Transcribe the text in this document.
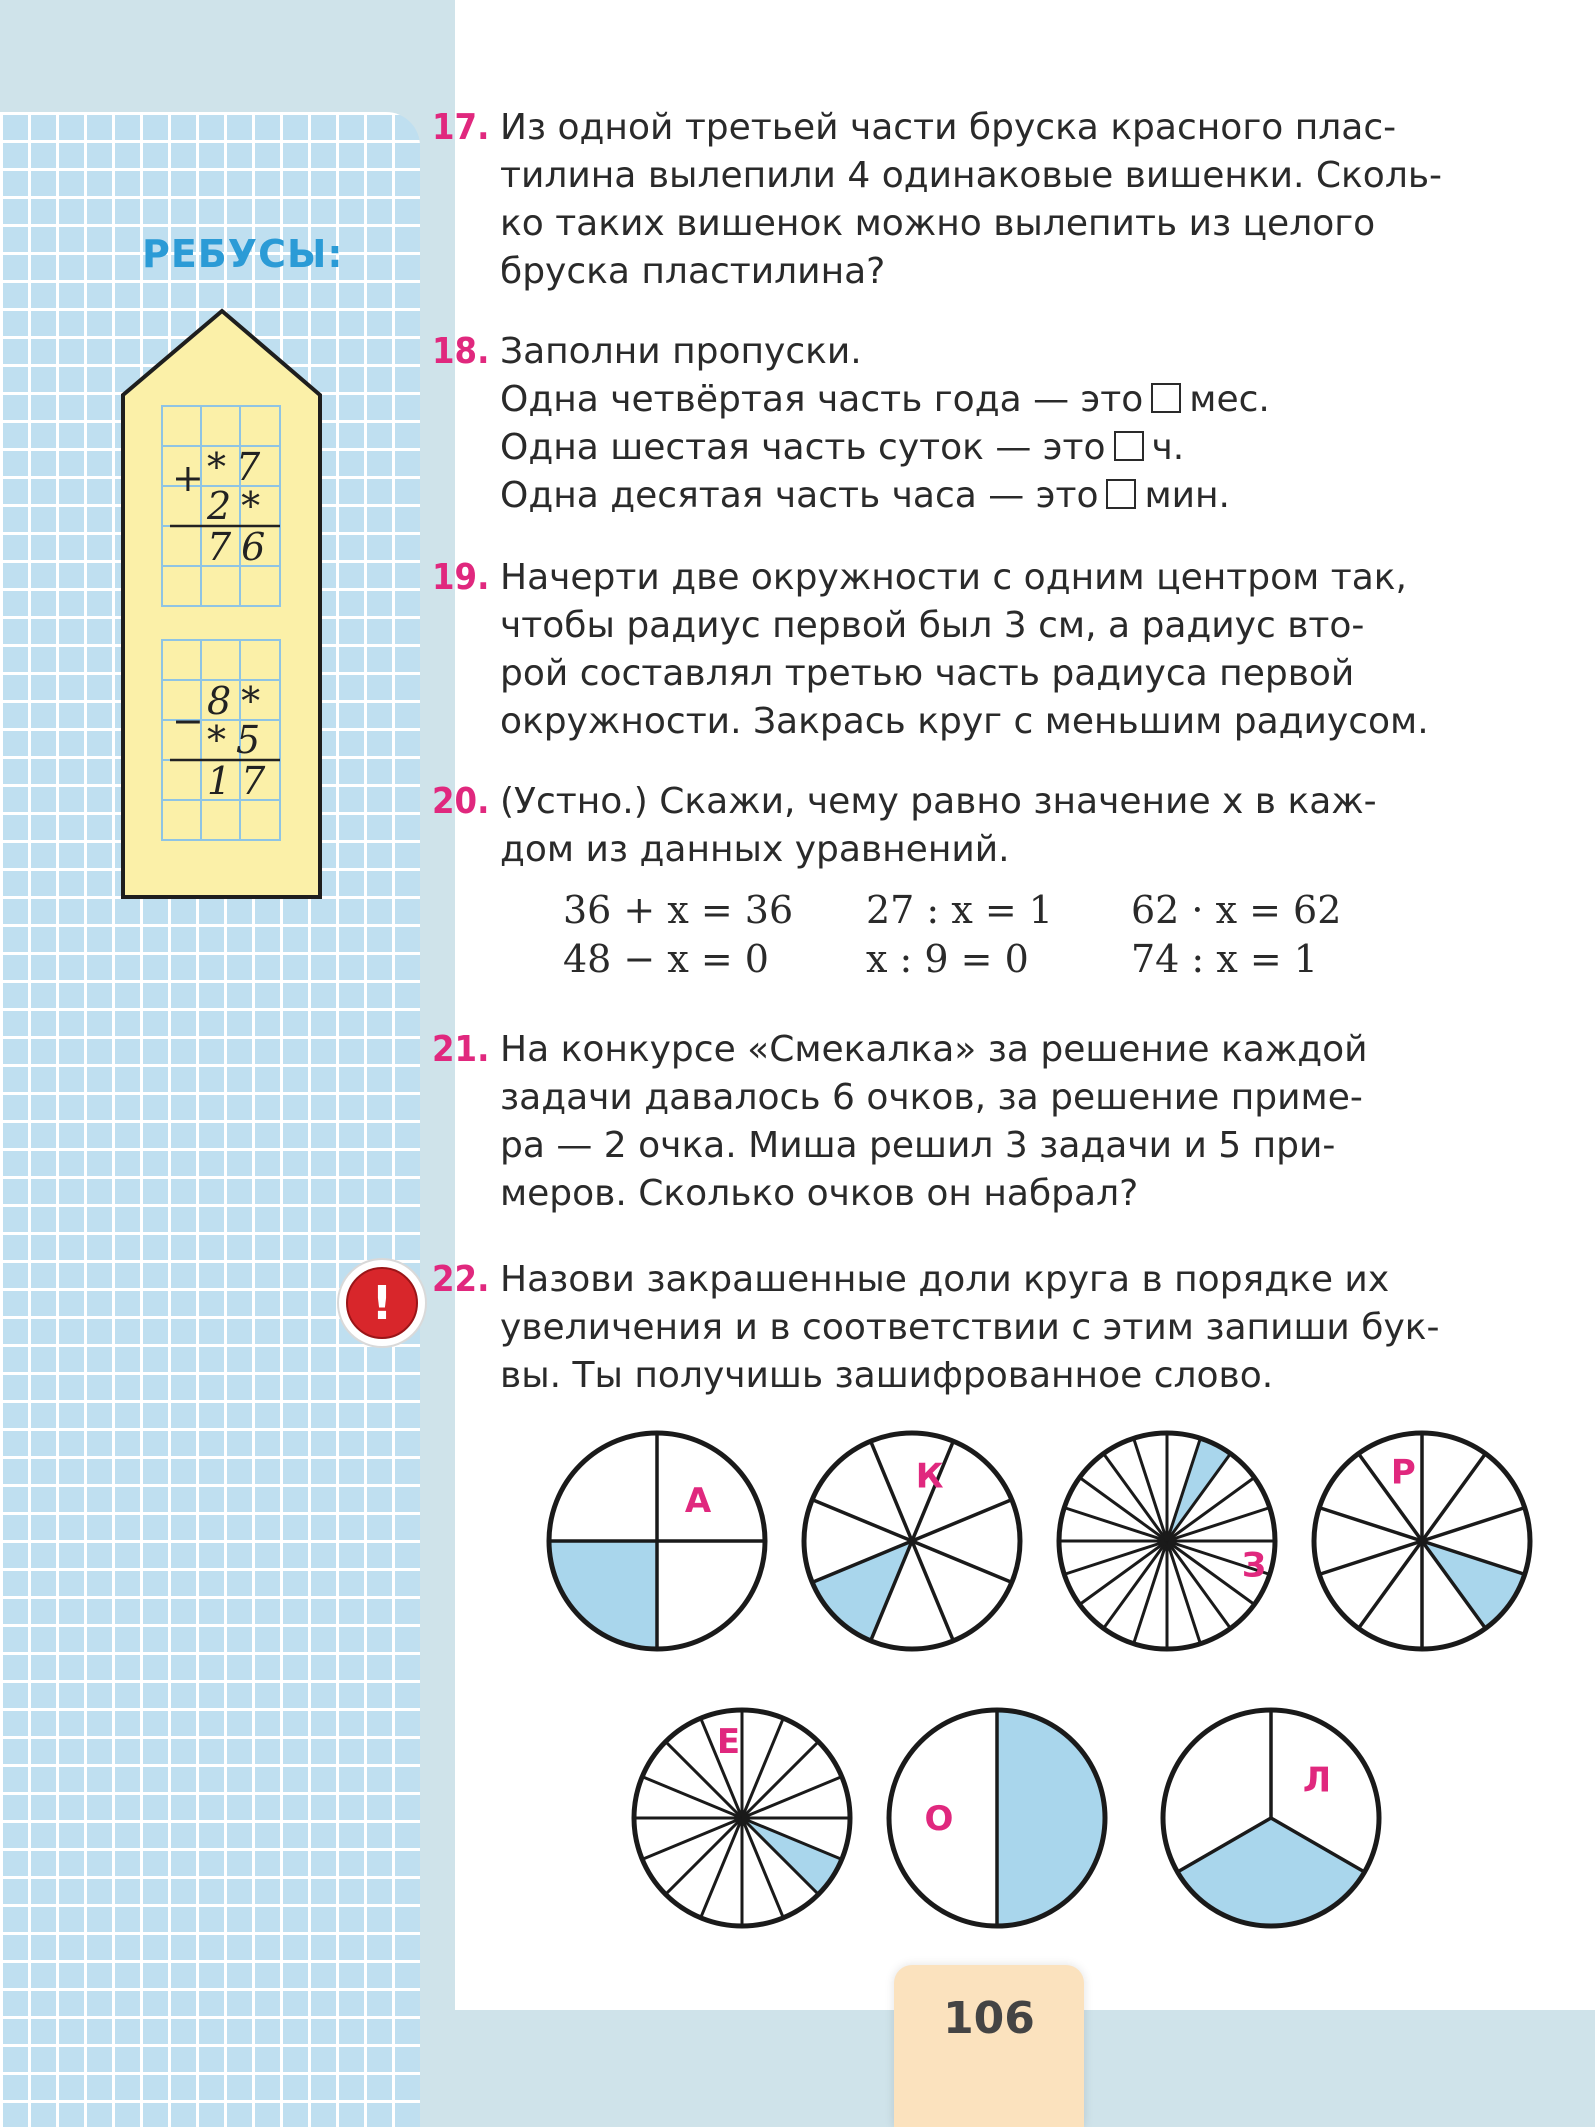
РЕБУСЫ:
+ *7
2*
76
− 8*
*5
17
17. Из одной третьей части бруска красного плас-
тилина вылепили 4 одинаковые вишенки. Сколь-
ко таких вишенок можно вылепить из целого
бруска пластилина?
18. Заполни пропуски.
Одна четвёртая часть года — это мес.
Одна шестая часть суток — это ч.
Одна десятая часть часа — это мин.
19. Начерти две окружности с одним центром так,
чтобы радиус первой был 3 см, а радиус вто-
рой составлял третью часть радиуса первой
окружности. Закрась круг с меньшим радиусом.
20. (Устно.) Скажи, чему равно значение x в каж-
дом из данных уравнений.
36 + x = 36 27 : x = 1 62 · x = 62
48 − x = 0	x : 9 = 0	74 : x = 1
21. На конкурсе «Смекалка» за решение каждой
задачи давалось 6 очков, за решение приме-
ра — 2 очка. Миша решил 3 задачи и 5 при-
меров. Сколько очков он набрал?
22. Назови закрашенные доли круга в порядке их
увеличения и в соответствии с этим запиши бук-
вы. Ты получишь зашифрованное слово.
!
А
К
З
Р
Е
О
Л
106
